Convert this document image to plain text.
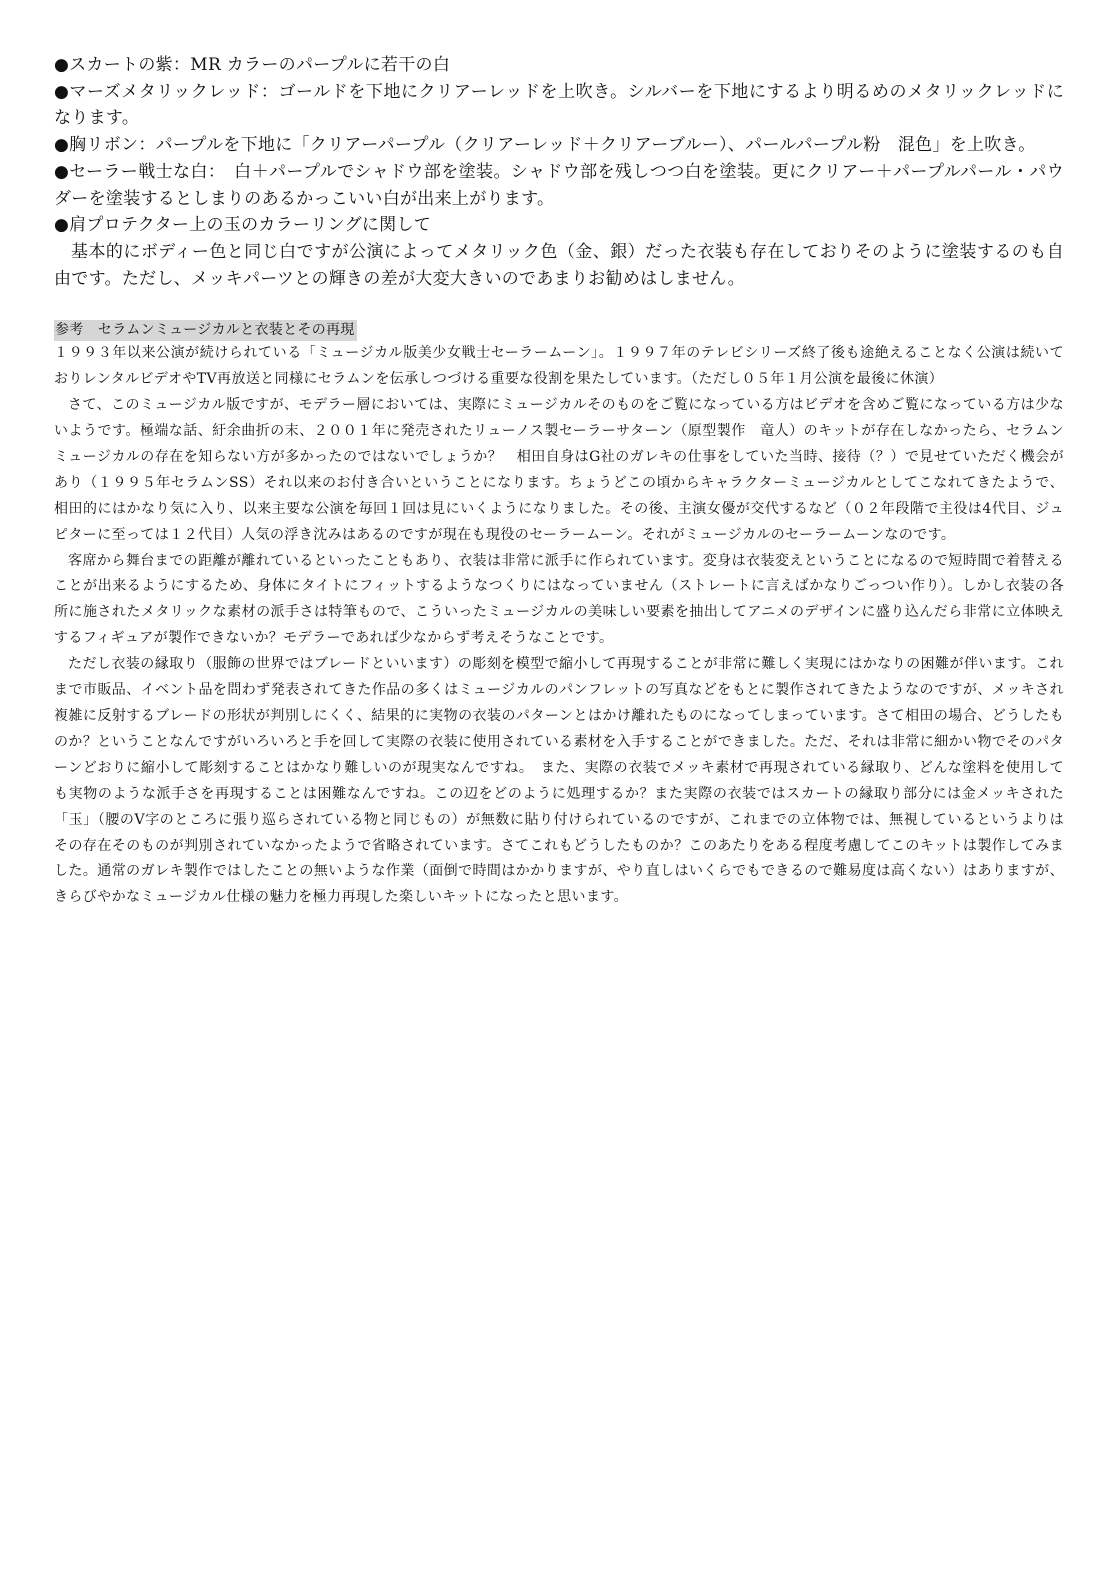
●スカートの紫：MR カラーのパープルに若干の白

●マーズメタリックレッド：ゴールドを下地にクリアーレッドを上吹き。シルバーを下地にするより明るめのメタリックレッドになります。

●胸リボン：パープルを下地に「クリアーパープル（クリアーレッド＋クリアーブルー）、パールパープル粉　混色」を上吹き。

●セーラー戦士な白：　白＋パープルでシャドウ部を塗装。シャドウ部を残しつつ白を塗装。更にクリアー＋パープルパール・パウダーを塗装するとしまりのあるかっこいい白が出来上がります。

●肩プロテクター上の玉のカラーリングに関して

基本的にボディー色と同じ白ですが公演によってメタリック色（金、銀）だった衣装も存在しておりそのように塗装するのも自由です。ただし、メッキパーツとの輝きの差が大変大きいのであまりお勧めはしません。

参考　セラムンミュージカルと衣装とその再現

１９９３年以来公演が続けられている「ミュージカル版美少女戦士セーラームーン」。１９９７年のテレビシリーズ終了後も途絶えることなく公演は続いておりレンタルビデオやTV再放送と同様にセラムンを伝承しつづける重要な役割を果たしています。（ただし０５年１月公演を最後に休演）

さて、このミュージカル版ですが、モデラー層においては、実際にミュージカルそのものをご覧になっている方はビデオを含めご覧になっている方は少ないようです。極端な話、紆余曲折の末、２００１年に発売されたリューノス製セーラーサターン（原型製作　竜人）のキットが存在しなかったら、セラムンミュージカルの存在を知らない方が多かったのではないでしょうか？　相田自身はG社のガレキの仕事をしていた当時、接待（？）で見せていただく機会があり（１９９５年セラムンSS）それ以来のお付き合いということになります。ちょうどこの頃からキャラクターミュージカルとしてこなれてきたようで、相田的にはかなり気に入り、以来主要な公演を毎回１回は見にいくようになりました。その後、主演女優が交代するなど（０２年段階で主役は4代目、ジュピターに至っては１２代目）人気の浮き沈みはあるのですが現在も現役のセーラームーン。それがミュージカルのセーラームーンなのです。

客席から舞台までの距離が離れているといったこともあり、衣装は非常に派手に作られています。変身は衣装変えということになるので短時間で着替えることが出来るようにするため、身体にタイトにフィットするようなつくりにはなっていません（ストレートに言えばかなりごっつい作り）。しかし衣装の各所に施されたメタリックな素材の派手さは特筆もので、こういったミュージカルの美味しい要素を抽出してアニメのデザインに盛り込んだら非常に立体映えするフィギュアが製作できないか？モデラーであれば少なからず考えそうなことです。

ただし衣装の縁取り（服飾の世界ではブレードといいます）の彫刻を模型で縮小して再現することが非常に難しく実現にはかなりの困難が伴います。これまで市販品、イベント品を問わず発表されてきた作品の多くはミュージカルのパンフレットの写真などをもとに製作されてきたようなのですが、メッキされ複雑に反射するブレードの形状が判別しにくく、結果的に実物の衣装のパターンとはかけ離れたものになってしまっています。さて相田の場合、どうしたものか？ということなんですがいろいろと手を回して実際の衣装に使用されている素材を入手することができました。ただ、それは非常に細かい物でそのパターンどおりに縮小して彫刻することはかなり難しいのが現実なんですね。　また、実際の衣装でメッキ素材で再現されている縁取り、どんな塗料を使用しても実物のような派手さを再現することは困難なんですね。この辺をどのように処理するか？また実際の衣装ではスカートの縁取り部分には金メッキされた「玉」（腰のV字のところに張り巡らされている物と同じもの）が無数に貼り付けられているのですが、これまでの立体物では、無視しているというよりはその存在そのものが判別されていなかったようで省略されています。さてこれもどうしたものか？このあたりをある程度考慮してこのキットは製作してみました。通常のガレキ製作ではしたことの無いような作業（面倒で時間はかかりますが、やり直しはいくらでもできるので難易度は高くない）はありますが、きらびやかなミュージカル仕様の魅力を極力再現した楽しいキットになったと思います。
